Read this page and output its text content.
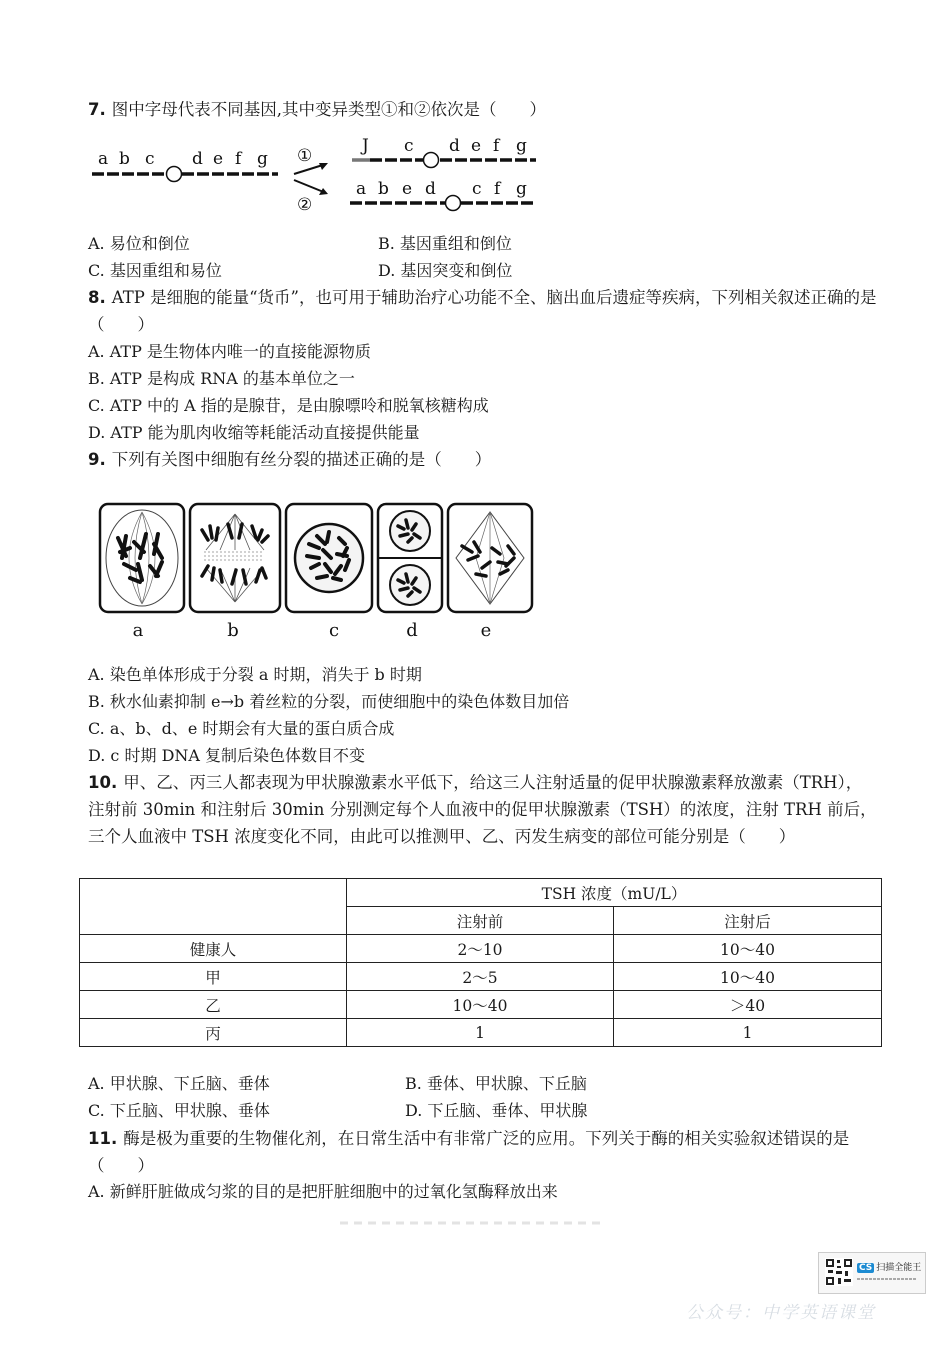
7. 图中字母代表不同基因,其中变异类型①和②依次是（　　）
a b c d e f g ①
②
J c d e f g
a b e d c f g
A. 易位和倒位	B. 基因重组和倒位
C. 基因重组和易位	D. 基因突变和倒位
8. ATP 是细胞的能量“货币”，也可用于辅助治疗心功能不全、脑出血后遗症等疾病，下列相关叙述正确的是（　　）
A. ATP 是生物体内唯一的直接能源物质
B. ATP 是构成 RNA 的基本单位之一
C. ATP 中的 A 指的是腺苷，是由腺嘌呤和脱氧核糖构成
D. ATP 能为肌肉收缩等耗能活动直接提供能量
9. 下列有关图中细胞有丝分裂的描述正确的是（　　）
a	b	c	d	e
A. 染色单体形成于分裂 a 时期，消失于 b 时期
B. 秋水仙素抑制 e→b 着丝粒的分裂，而使细胞中的染色体数目加倍
C. a、b、d、e 时期会有大量的蛋白质合成
D. c 时期 DNA 复制后染色体数目不变
10. 甲、乙、丙三人都表现为甲状腺激素水平低下，给这三人注射适量的促甲状腺激素释放激素（TRH），注射前 30min 和注射后 30min 分别测定每个人血液中的促甲状腺激素（TSH）的浓度，注射 TRH 前后，三个人血液中 TSH 浓度变化不同，由此可以推测甲、乙、丙发生病变的部位可能分别是（　　）
	TSH 浓度（mU/L）	
	注射前	注射后
健康人	2～10	10～40
甲	2～5	10～40
乙	10～40	＞40
丙	1	1
A. 甲状腺、下丘脑、垂体	B. 垂体、甲状腺、下丘脑
C. 下丘脑、甲状腺、垂体	D. 下丘脑、垂体、甲状腺
11. 酶是极为重要的生物催化剂，在日常生活中有非常广泛的应用。下列关于酶的相关实验叙述错误的是（　　）
A. 新鲜肝脏做成匀浆的目的是把肝脏细胞中的过氧化氢酶释放出来
CS 扫描全能王
公众号：中学英语课堂
